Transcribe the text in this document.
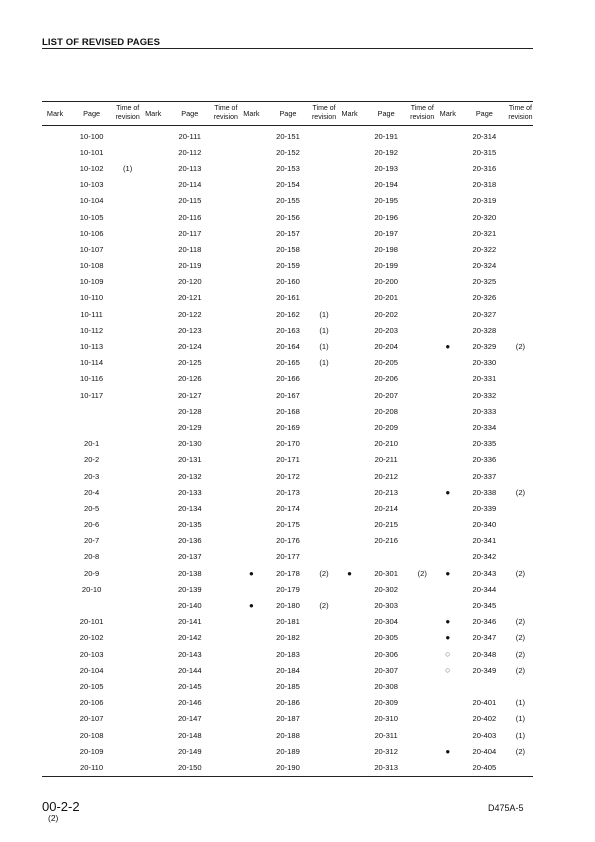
LIST OF REVISED PAGES
Mark	Page	Time of
revision	Mark	Page	Time of
revision	Mark	Page	Time of
revision	Mark	Page	Time of
revision	Mark	Page	Time of
revision
	10-100			20-111			20-151			20-191			20-314	
	10-101			20-112			20-152			20-192			20-315	
	10-102	(1)		20-113			20-153			20-193			20-316	
	10-103			20-114			20-154			20-194			20-318	
	10-104			20-115			20-155			20-195			20-319	
	10-105			20-116			20-156			20-196			20-320	
	10-106			20-117			20-157			20-197			20-321	
	10-107			20-118			20-158			20-198			20-322	
	10-108			20-119			20-159			20-199			20-324	
	10-109			20-120			20-160			20-200			20-325	
	10-110			20-121			20-161			20-201			20-326	
	10-111			20-122			20-162	(1)		20-202			20-327	
	10-112			20-123			20-163	(1)		20-203			20-328	
	10-113			20-124			20-164	(1)		20-204		●	20-329	(2)
	10-114			20-125			20-165	(1)		20-205			20-330	
	10-116			20-126			20-166			20-206			20-331	
	10-117			20-127			20-167			20-207			20-332	
				20-128			20-168			20-208			20-333	
				20-129			20-169			20-209			20-334	
	20-1			20-130			20-170			20-210			20-335	
	20-2			20-131			20-171			20-211			20-336	
	20-3			20-132			20-172			20-212			20-337	
	20-4			20-133			20-173			20-213		●	20-338	(2)
	20-5			20-134			20-174			20-214			20-339	
	20-6			20-135			20-175			20-215			20-340	
	20-7			20-136			20-176			20-216			20-341	
	20-8			20-137			20-177						20-342	
	20-9			20-138		●	20-178	(2)	●	20-301	(2)	●	20-343	(2)
	20-10			20-139			20-179			20-302			20-344	
				20-140		●	20-180	(2)		20-303			20-345	
	20-101			20-141			20-181			20-304		●	20-346	(2)
	20-102			20-142			20-182			20-305		●	20-347	(2)
	20-103			20-143			20-183			20-306		○	20-348	(2)
	20-104			20-144			20-184			20-307		○	20-349	(2)
	20-105			20-145			20-185			20-308				
	20-106			20-146			20-186			20-309			20-401	(1)
	20-107			20-147			20-187			20-310			20-402	(1)
	20-108			20-148			20-188			20-311			20-403	(1)
	20-109			20-149			20-189			20-312		●	20-404	(2)
	20-110			20-150			20-190			20-313			20-405	
00-2-2
(2)
D475A-5
